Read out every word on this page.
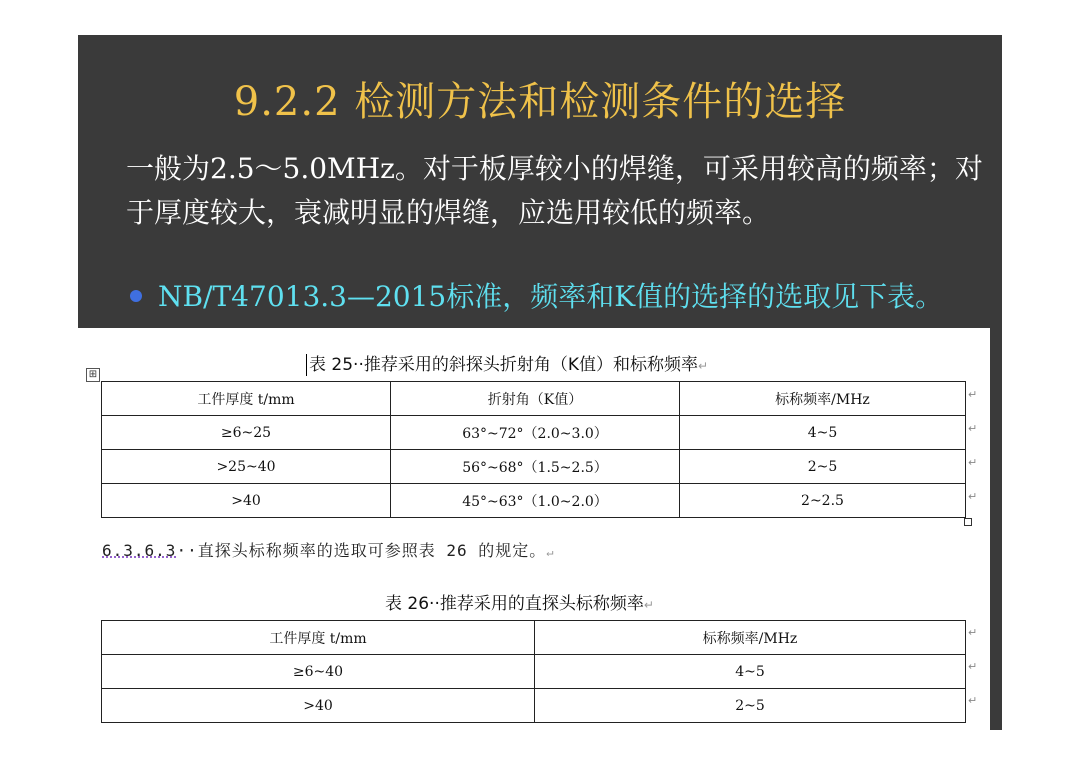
9.2.2 检测方法和检测条件的选择
一般为2.5～5.0MHz。对于板厚较小的焊缝，可采用较高的频率；对于厚度较大，衰减明显的焊缝，应选用较低的频率。
NB/T47013.3—2015标准，频率和K值的选择的选取见下表。
⊞	表 25··推荐采用的斜探头折射角（K值）和标称频率↵
工件厚度 t/mm	折射角（K值）	标称频率/MHz
≥6~25	63°~72°（2.0~3.0）	4~5
>25~40	56°~68°（1.5~2.5）	2~5
>40	45°~63°（1.0~2.0）	2~2.5
↵
↵
↵
↵
6.3.6.3··直探头标称频率的选取可参照表 26 的规定。↵
表 26··推荐采用的直探头标称频率↵
工件厚度 t/mm	标称频率/MHz
≥6~40	4~5
>40	2~5
↵
↵
↵
